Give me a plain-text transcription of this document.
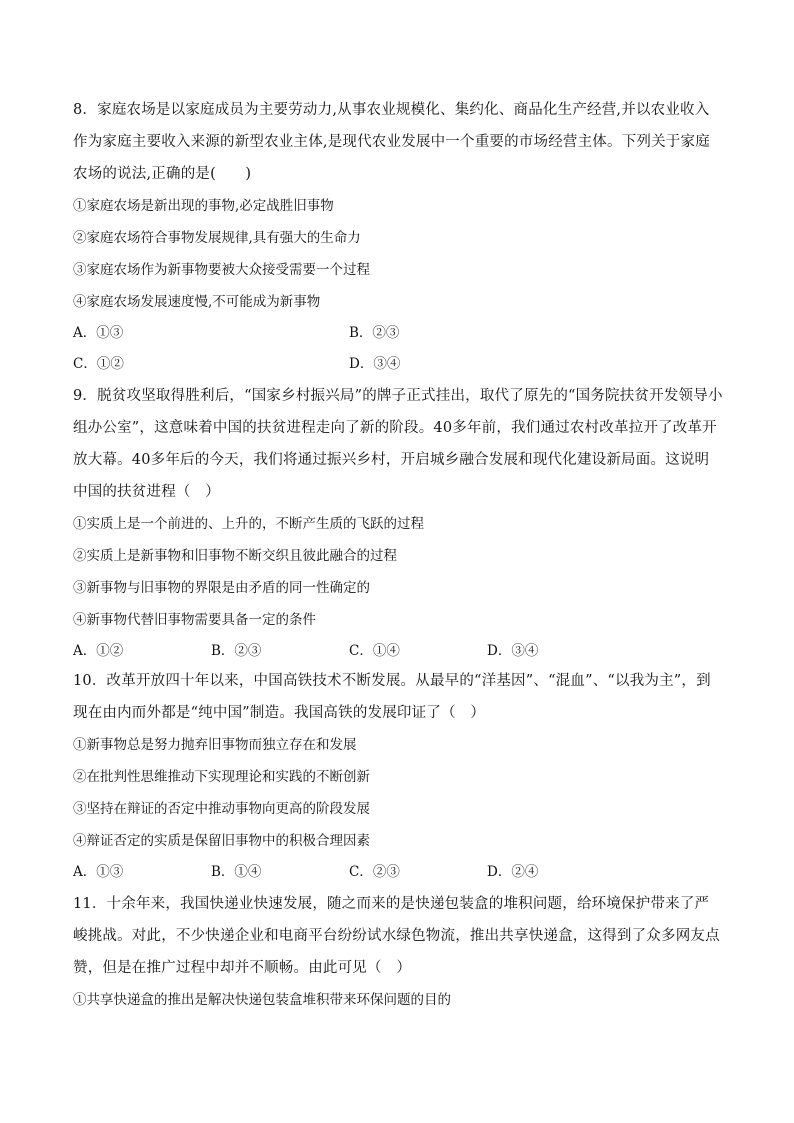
8．家庭农场是以家庭成员为主要劳动力,从事农业规模化、集约化、商品化生产经营,并以农业收入作为家庭主要收入来源的新型农业主体,是现代农业发展中一个重要的市场经营主体。下列关于家庭农场的说法,正确的是(　　)

①家庭农场是新出现的事物,必定战胜旧事物

②家庭农场符合事物发展规律,具有强大的生命力

③家庭农场作为新事物要被大众接受需要一个过程

④家庭农场发展速度慢,不可能成为新事物

A．①③	B．②③
C．①②	D．③④

9．脱贫攻坚取得胜利后，“国家乡村振兴局”的牌子正式挂出，取代了原先的“国务院扶贫开发领导小组办公室”，这意味着中国的扶贫进程走向了新的阶段。40多年前，我们通过农村改革拉开了改革开放大幕。40多年后的今天，我们将通过振兴乡村，开启城乡融合发展和现代化建设新局面。这说明中国的扶贫进程（　）

①实质上是一个前进的、上升的，不断产生质的飞跃的过程

②实质上是新事物和旧事物不断交织且彼此融合的过程

③新事物与旧事物的界限是由矛盾的同一性确定的

④新事物代替旧事物需要具备一定的条件

A．①②	B．②③	C．①④	D．③④

10．改革开放四十年以来，中国高铁技术不断发展。从最早的“洋基因”、“混血”、“以我为主”，到现在由内而外都是“纯中国”制造。我国高铁的发展印证了（　）

①新事物总是努力抛弃旧事物而独立存在和发展

②在批判性思维推动下实现理论和实践的不断创新

③坚持在辩证的否定中推动事物向更高的阶段发展

④辩证否定的实质是保留旧事物中的积极合理因素

A．①③	B．①④	C．②③	D．②④

11．十余年来，我国快递业快速发展，随之而来的是快递包装盒的堆积问题，给环境保护带来了严峻挑战。对此，不少快递企业和电商平台纷纷试水绿色物流，推出共享快递盒，这得到了众多网友点赞，但是在推广过程中却并不顺畅。由此可见（　）

①共享快递盒的推出是解决快递包装盒堆积带来环保问题的目的
